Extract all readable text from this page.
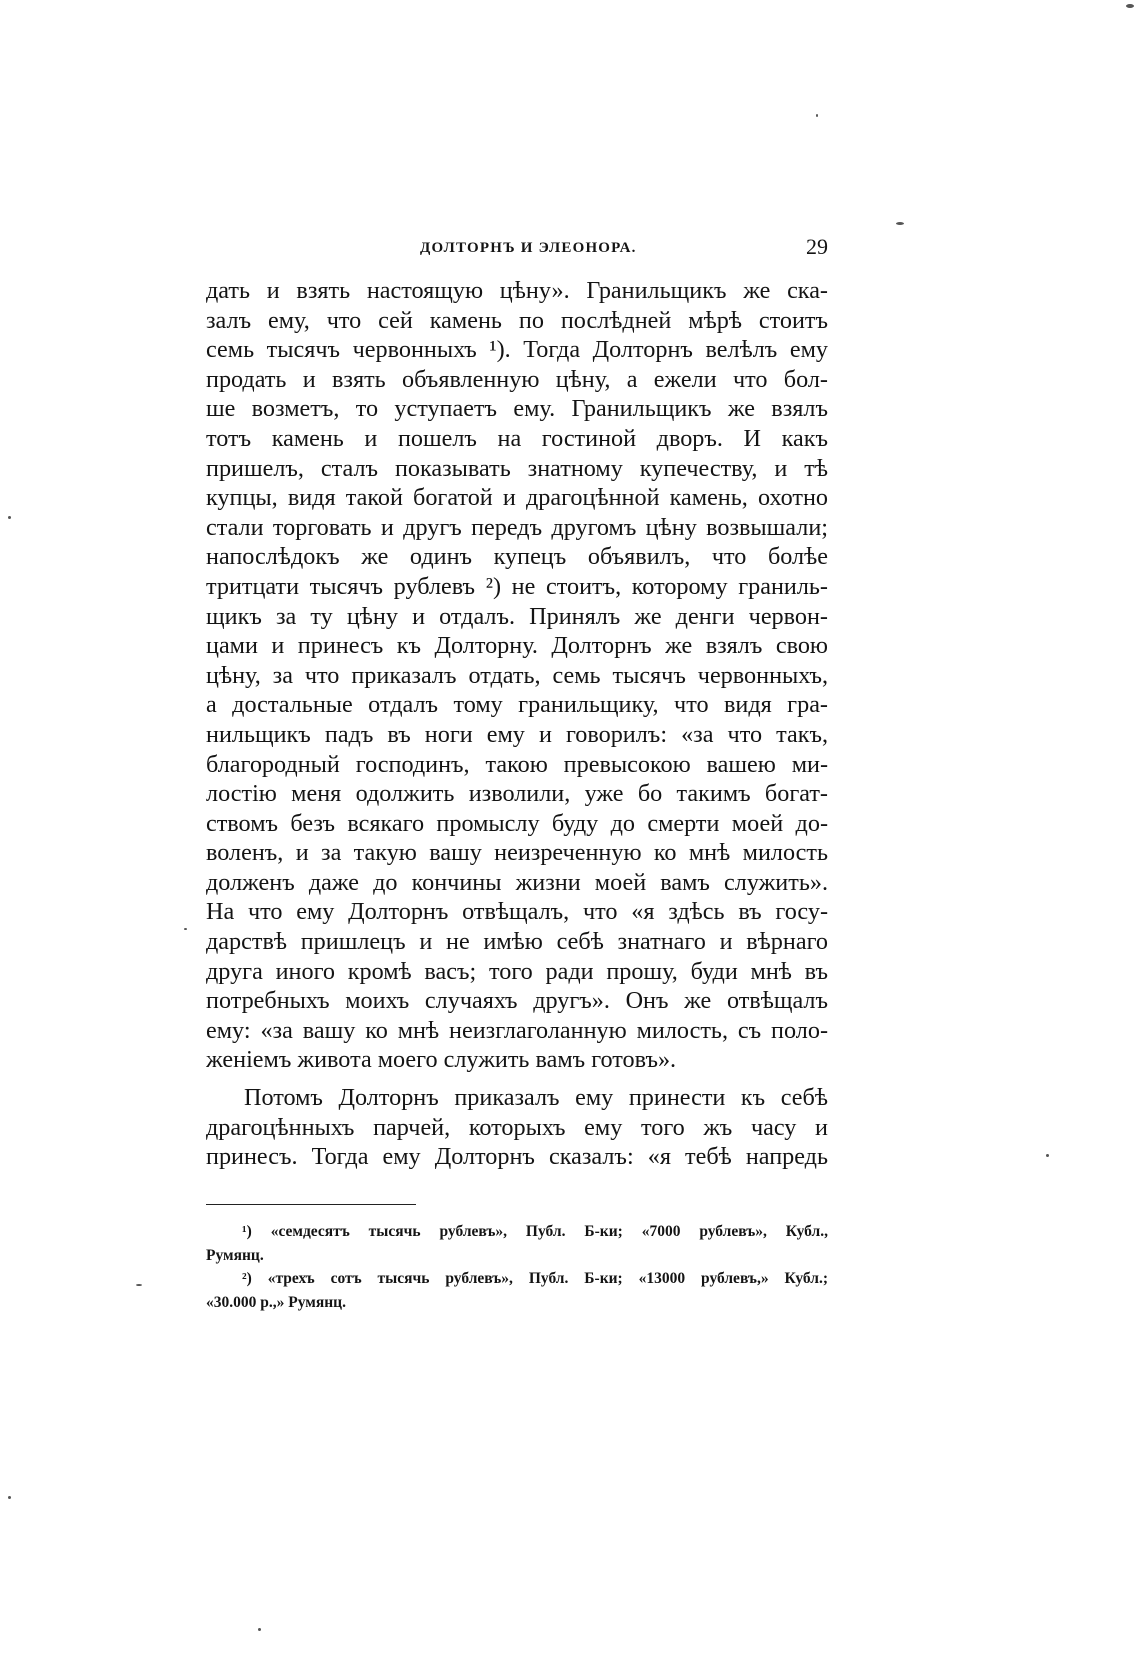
ДОЛТОРНЪ И ЭЛЕОНОРА.	29
дать и взять настоящую цѣну». Гранильщикъ же ска-
залъ ему, что сей камень по послѣдней мѣрѣ стоитъ
семь тысячъ червонныхъ ¹). Тогда Долторнъ велѣлъ ему
продать и взять объявленную цѣну, а ежели что бол-
ше возметъ, то уступаетъ ему. Гранильщикъ же взялъ
тотъ камень и пошелъ на гостиной дворъ. И какъ
пришелъ, сталъ показывать знатному купечеству, и тѣ
купцы, видя такой богатой и драгоцѣнной камень, охотно
стали торговать и другъ передъ другомъ цѣну возвышали;
напослѣдокъ же одинъ купецъ объявилъ, что болѣе
тритцати тысячъ рублевъ ²) не стоитъ, которому граниль-
щикъ за ту цѣну и отдалъ. Принялъ же денги червон-
цами и принесъ къ Долторну. Долторнъ же взялъ свою
цѣну, за что приказалъ отдать, семь тысячъ червонныхъ,
а достальные отдалъ тому гранильщику, что видя гра-
нильщикъ падъ въ ноги ему и говорилъ: «за что такъ,
благородный господинъ, такою превысокою вашею ми-
лостію меня одолжить изволили, уже бо такимъ богат-
ствомъ безъ всякаго промыслу буду до смерти моей до-
воленъ, и за такую вашу неизреченную ко мнѣ милость
долженъ даже до кончины жизни моей вамъ служить».
На что ему Долторнъ отвѣщалъ, что «я здѣсь въ госу-
дарствѣ пришлецъ и не имѣю себѣ знатнаго и вѣрнаго
друга иного кромѣ васъ; того ради прошу, буди мнѣ въ
потребныхъ моихъ случаяхъ другъ». Онъ же отвѣщалъ
ему: «за вашу ко мнѣ неизглаголанную милость, съ поло-
женіемъ живота моего служить вамъ готовъ».
Потомъ Долторнъ приказалъ ему принести къ себѣ
драгоцѣнныхъ парчей, которыхъ ему того жъ часу и
принесъ. Тогда ему Долторнъ сказалъ: «я тебѣ напредь
¹) «семдесятъ тысячь рублевъ», Публ. Б-ки; «7000 рублевъ», Кубл.,
Румянц.
²) «трехъ сотъ тысячь рублевъ», Публ. Б-ки; «13000 рублевъ,» Кубл.;
«30.000 р.,» Румянц.
